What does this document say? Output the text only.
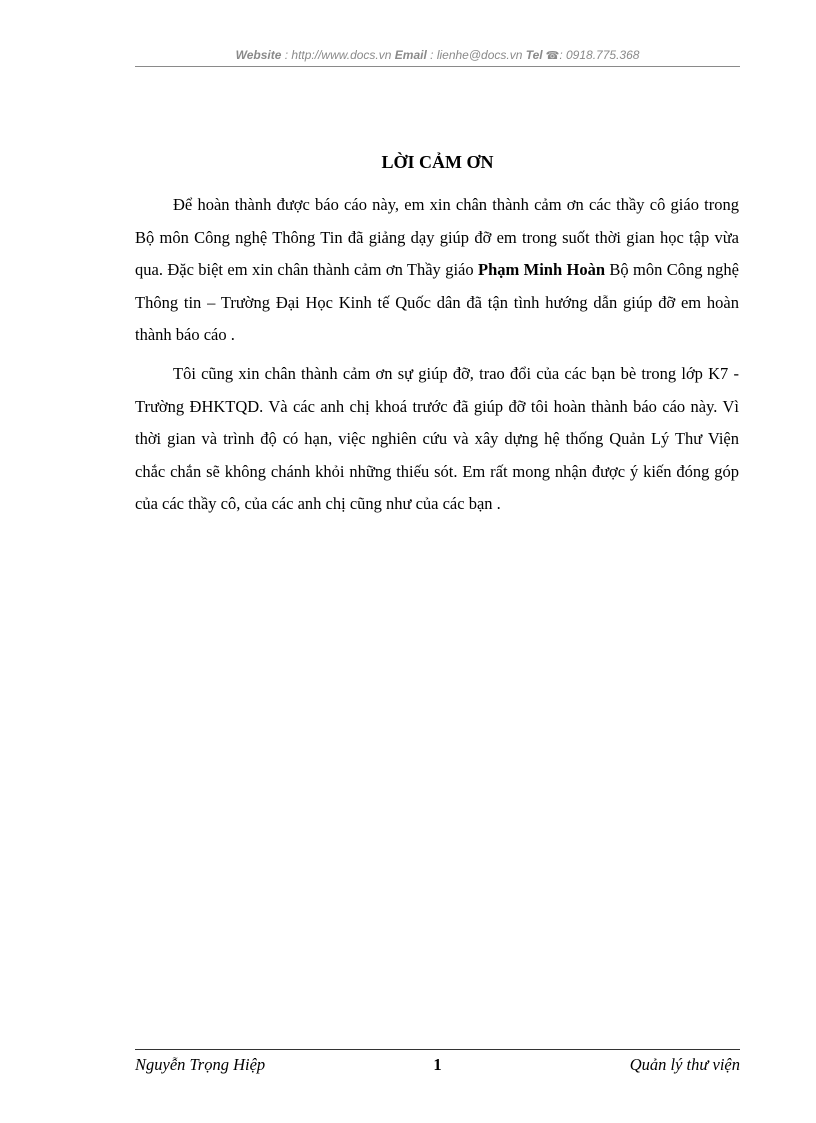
Website : http://www.docs.vn Email : lienhe@docs.vn Tel ☎: 0918.775.368
LỜI CẢM ƠN

Để hoàn thành được báo cáo này, em xin chân thành cảm ơn các thầy cô giáo trong Bộ môn Công nghệ Thông Tin đã giảng dạy giúp đỡ em trong suốt thời gian học tập vừa qua. Đặc biệt em xin chân thành cảm ơn Thầy giáo Phạm Minh Hoàn Bộ môn Công nghệ Thông tin – Trường Đại Học Kinh tế Quốc dân đã tận tình hướng dẫn giúp đỡ em hoàn thành báo cáo .

Tôi cũng xin chân thành cảm ơn sự giúp đỡ, trao đổi của các bạn bè trong lớp K7 - Trường ĐHKTQD. Và các anh chị khoá trước đã giúp đỡ tôi hoàn thành báo cáo này. Vì thời gian và trình độ có hạn, việc nghiên cứu và xây dựng hệ thống Quản Lý Thư Viện chắc chắn sẽ không chánh khỏi những thiếu sót. Em rất mong nhận được ý kiến đóng góp của các thầy cô, của các anh chị cũng như của các bạn .

Nguyễn Trọng Hiệp	1	Quản lý thư viện
